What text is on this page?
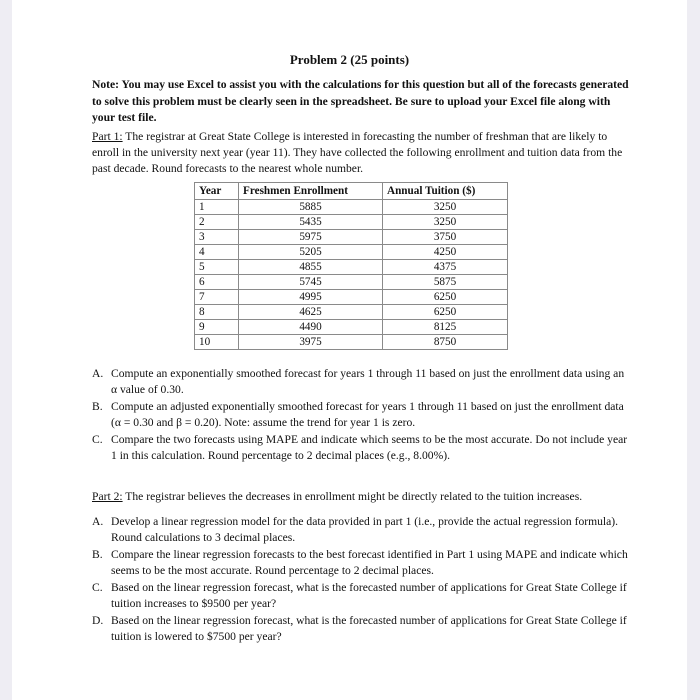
Problem 2 (25 points)
Note: You may use Excel to assist you with the calculations for this question but all of the forecasts generated to solve this problem must be clearly seen in the spreadsheet. Be sure to upload your Excel file along with your test file.
Part 1: The registrar at Great State College is interested in forecasting the number of freshman that are likely to enroll in the university next year (year 11). They have collected the following enrollment and tuition data from the past decade. Round forecasts to the nearest whole number.
Year	Freshmen Enrollment	Annual Tuition ($)
1	5885	3250
2	5435	3250
3	5975	3750
4	5205	4250
5	4855	4375
6	5745	5875
7	4995	6250
8	4625	6250
9	4490	8125
10	3975	8750
A. Compute an exponentially smoothed forecast for years 1 through 11 based on just the enrollment data using an α value of 0.30.
B. Compute an adjusted exponentially smoothed forecast for years 1 through 11 based on just the enrollment data (α = 0.30 and β = 0.20). Note: assume the trend for year 1 is zero.
C. Compare the two forecasts using MAPE and indicate which seems to be the most accurate. Do not include year 1 in this calculation. Round percentage to 2 decimal places (e.g., 8.00%).
Part 2: The registrar believes the decreases in enrollment might be directly related to the tuition increases.
A. Develop a linear regression model for the data provided in part 1 (i.e., provide the actual regression formula). Round calculations to 3 decimal places.
B. Compare the linear regression forecasts to the best forecast identified in Part 1 using MAPE and indicate which seems to be the most accurate. Round percentage to 2 decimal places.
C. Based on the linear regression forecast, what is the forecasted number of applications for Great State College if tuition increases to $9500 per year?
D. Based on the linear regression forecast, what is the forecasted number of applications for Great State College if tuition is lowered to $7500 per year?
